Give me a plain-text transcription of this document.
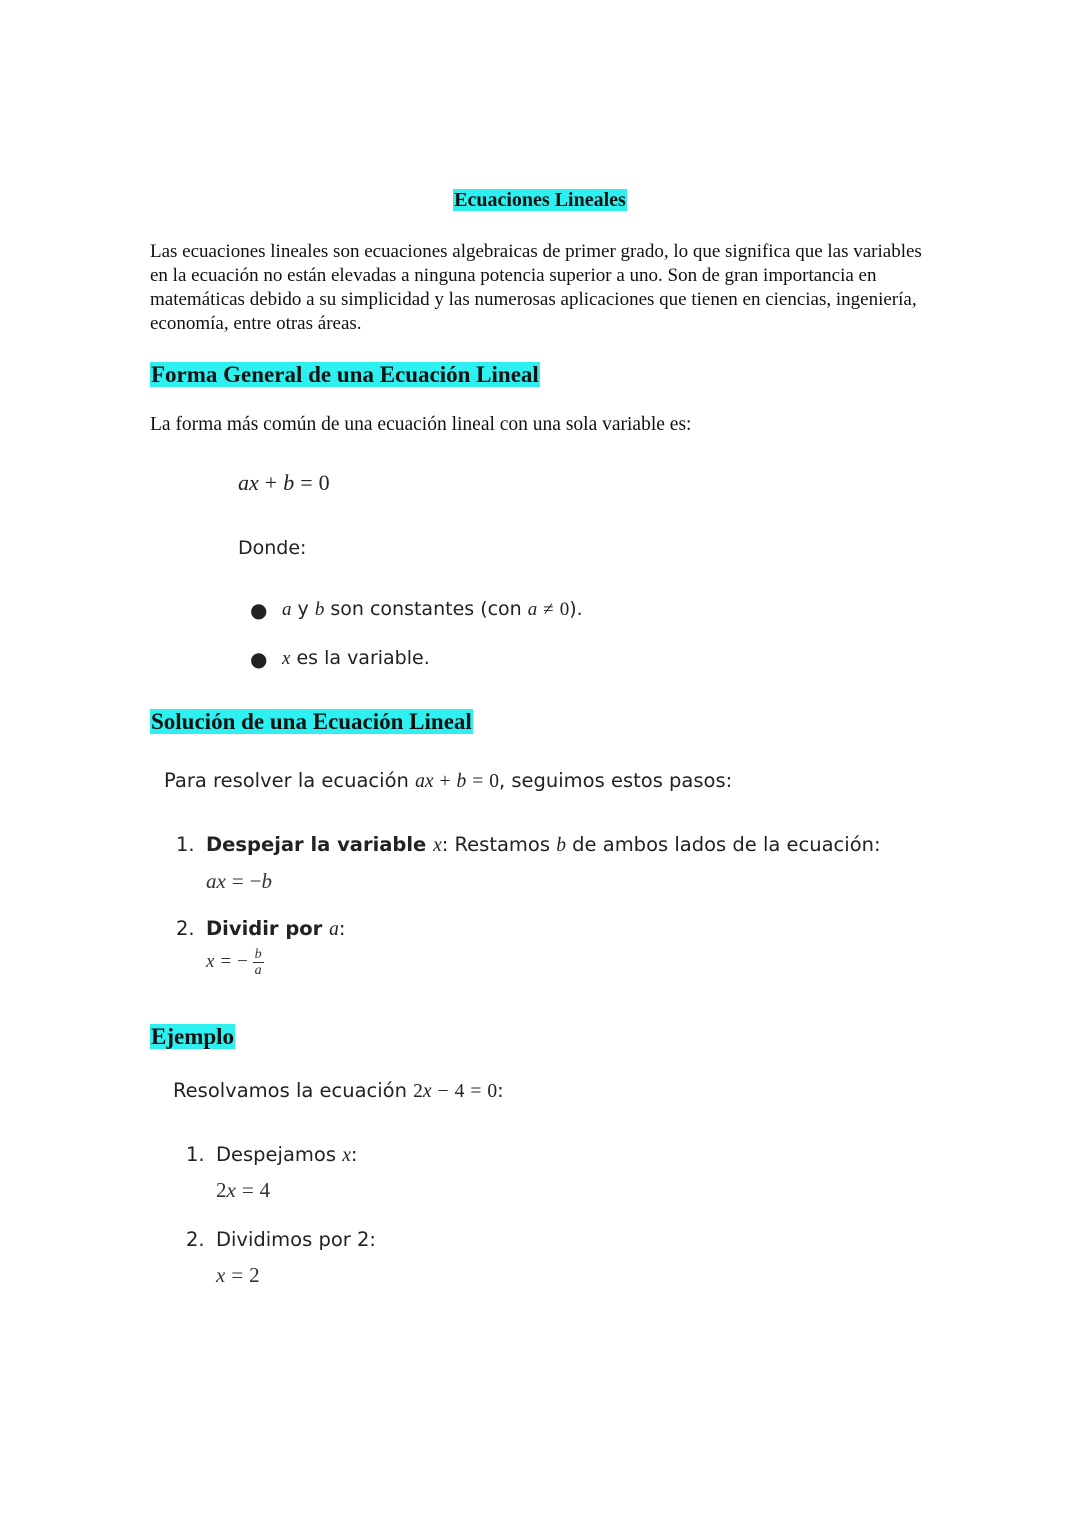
Ecuaciones Lineales

Las ecuaciones lineales son ecuaciones algebraicas de primer grado, lo que significa que las variables en la ecuación no están elevadas a ninguna potencia superior a uno. Son de gran importancia en matemáticas debido a su simplicidad y las numerosas aplicaciones que tienen en ciencias, ingeniería, economía, entre otras áreas.

Forma General de una Ecuación Lineal
La forma más común de una ecuación lineal con una sola variable es:
ax + b = 0
Donde:
● a y b son constantes (con a ≠ 0).
● x es la variable.
Solución de una Ecuación Lineal
Para resolver la ecuación ax + b = 0, seguimos estos pasos:
1. Despejar la variable x: Restamos b de ambos lados de la ecuación:
ax = −b
2. Dividir por a:
x = − $\frac{b}{a}$
Ejemplo
Resolvamos la ecuación 2x − 4 = 0:
1. Despejamos x:
2x = 4
2. Dividimos por 2:
x = 2
